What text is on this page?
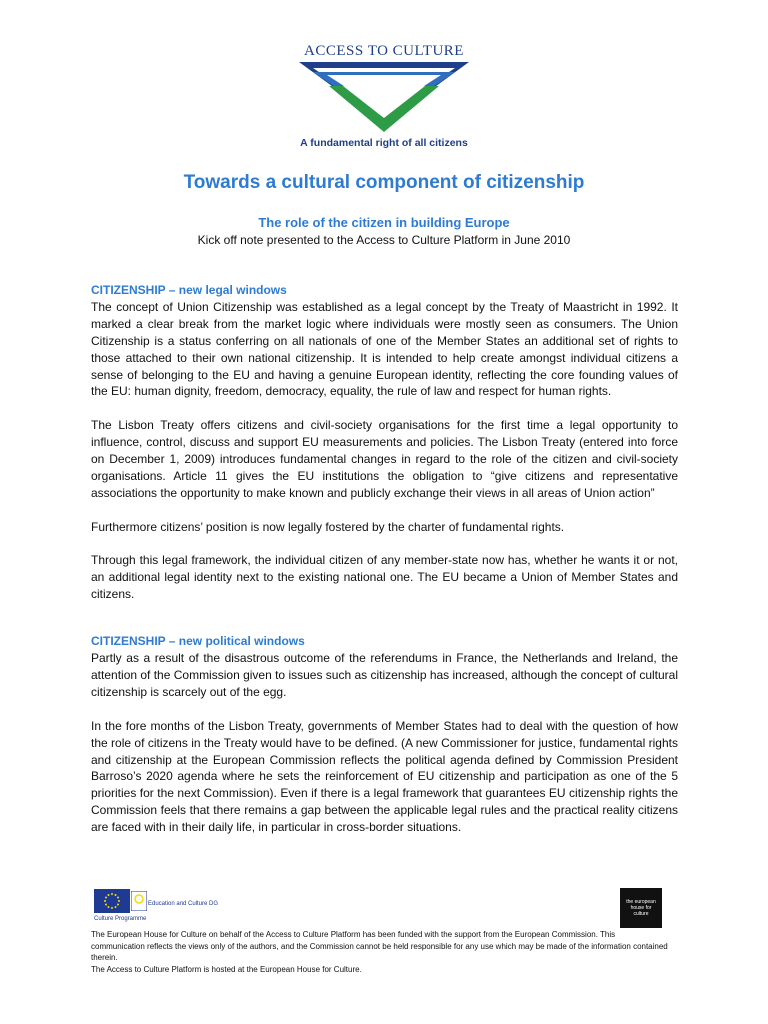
ACCESS TO CULTURE
A fundamental right of all citizens
Towards a cultural component of citizenship
The role of the citizen in building Europe
Kick off note presented to the Access to Culture Platform in June 2010

CITIZENSHIP – new legal windows

The concept of Union Citizenship was established as a legal concept by the Treaty of Maastricht in 1992. It marked a clear break from the market logic where individuals were mostly seen as consumers. The Union Citizenship is a status conferring on all nationals of one of the Member States an additional set of rights to those attached to their own national citizenship. It is intended to help create amongst individual citizens a sense of belonging to the EU and having a genuine European identity, reflecting the core founding values of the EU: human dignity, freedom, democracy, equality, the rule of law and respect for human rights.

The Lisbon Treaty offers citizens and civil-society organisations for the first time a legal opportunity to influence, control, discuss and support EU measurements and policies. The Lisbon Treaty (entered into force on December 1, 2009) introduces fundamental changes in regard to the role of the citizen and civil-society organisations. Article 11 gives the EU institutions the obligation to “give citizens and representative associations the opportunity to make known and publicly exchange their views in all areas of Union action”

Furthermore citizens’ position is now legally fostered by the charter of fundamental rights.

Through this legal framework, the individual citizen of any member-state now has, whether he wants it or not, an additional legal identity next to the existing national one. The EU became a Union of Member States and citizens.

CITIZENSHIP – new political windows

Partly as a result of the disastrous outcome of the referendums in France, the Netherlands and Ireland, the attention of the Commission given to issues such as citizenship has increased, although the concept of cultural citizenship is scarcely out of the egg.

In the fore months of the Lisbon Treaty, governments of Member States had to deal with the question of how the role of citizens in the Treaty would have to be defined. (A new Commissioner for justice, fundamental rights and citizenship at the European Commission reflects the political agenda defined by Commission President Barroso’s 2020 agenda where he sets the reinforcement of EU citizenship and participation as one of the 5 priorities for the next Commission). Even if there is a legal framework that guarantees EU citizenship rights the Commission feels that there remains a gap between the applicable legal rules and the practical reality citizens are faced with in their daily life, in particular in cross-border situations.

Education and Culture DG
Culture Programme
the european house for culture

The European House for Culture on behalf of the Access to Culture Platform has been funded with the support from the European Commission. This communication reflects the views only of the authors, and the Commission cannot be held responsible for any use which may be made of the information contained therein.

The Access to Culture Platform is hosted at the European House for Culture.
